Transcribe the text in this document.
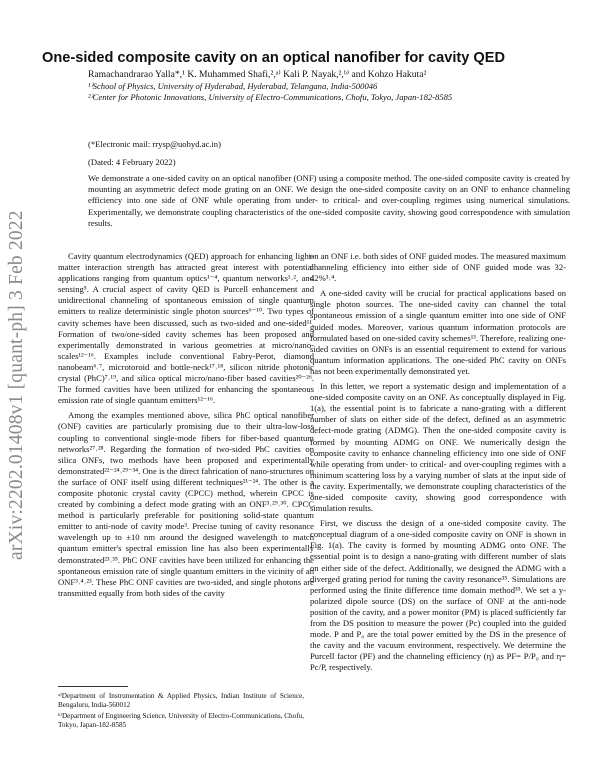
arXiv:2202.01408v1 [quant-ph] 3 Feb 2022
One-sided composite cavity on an optical nanofiber for cavity QED
Ramachandrarao Yalla*,¹ K. Muhammed Shafi,²,ᵃ⁾ Kali P. Nayak,²,ᵇ⁾ and Kohzo Hakuta²
¹⁾School of Physics, University of Hyderabad, Hyderabad, Telangana, India-500046
²⁾Center for Photonic Innovations, University of Electro-Communications, Chofu, Tokyo, Japan-182-8585
(*Electronic mail: rrysp@uohyd.ac.in)
(Dated: 4 February 2022)
We demonstrate a one-sided cavity on an optical nanofiber (ONF) using a composite method. The one-sided composite cavity is created by mounting an asymmetric defect mode grating on an ONF. We design the one-sided composite cavity on an ONF to enhance channeling efficiency into one side of ONF while operating from under- to critical- and over-coupling regimes using numerical simulations. Experimentally, we demonstrate coupling characteristics of the one-sided composite cavity, showing good correspondence with simulation results.

Cavity quantum electrodynamics (QED) approach for enhancing light-matter interaction strength has attracted great interest with potential applications ranging from quantum optics¹⁻⁴, quantum networks¹˒², and sensing⁵. A crucial aspect of cavity QED is Purcell enhancement and unidirectional channeling of spontaneous emission of single quantum emitters to realize deterministic single photon sources⁶⁻¹⁰. Two types of cavity schemes have been discussed, such as two-sided and one-sided¹¹. Formation of two/one-sided cavity schemes has been proposed and experimentally demonstrated in various geometries at micro/nano-scales¹²⁻¹⁶. Examples include conventional Fabry-Perot, diamond nanobeam⁶˒⁷, microtoroid and bottle-neck¹⁷˒¹⁸, silicon nitride photonic crystal (PhC)⁷˒¹⁹, and silica optical micro/nano-fiber based cavities²⁰⁻²⁶. The formed cavities have been utilized for enhancing the spontaneous emission rate of single quantum emitters¹²⁻¹⁶.

Among the examples mentioned above, silica PhC optical nanofiber (ONF) cavities are particularly promising due to their ultra-low-loss coupling to conventional single-mode fibers for fiber-based quantum networks²⁷˒²⁸. Regarding the formation of two-sided PhC cavities on silica ONFs, two methods have been proposed and experimentally demonstrated²²⁻²⁴˒²⁹⁻³⁴. One is the direct fabrication of nano-structures on the surface of ONF itself using different techniques²¹⁻²⁴. The other is a composite photonic crystal cavity (CPCC) method, wherein CPCC is created by combining a defect mode grating with an ONF³˒²⁹˒³⁰. CPCC method is particularly preferable for positioning solid-state quantum emitter to anti-node of cavity mode³. Precise tuning of cavity resonance wavelength up to ±10 nm around the designed wavelength to match quantum emitter's spectral emission line has also been experimentally demonstrated²³˒³⁵. PhC ONF cavities have been utilized for enhancing the spontaneous emission rate of single quantum emitters in the vicinity of an ONF³˒⁴˒²³. These PhC ONF cavities are two-sided, and single photons are transmitted equally from both sides of the cavity

on an ONF i.e. both sides of ONF guided modes. The measured maximum channeling efficiency into either side of ONF guided mode was 32-42%³˒⁴.

A one-sided cavity will be crucial for practical applications based on single photon sources. The one-sided cavity can channel the total spontaneous emission of a single quantum emitter into one side of ONF guided modes. Moreover, various quantum information protocols are formulated based on one-sided cavity schemes¹³. Therefore, realizing one-sided cavities on ONFs is an essential requirement to extend for various quantum information applications. The one-sided PhC cavity on ONFs has not been experimentally demonstrated yet.

In this letter, we report a systematic design and implementation of a one-sided composite cavity on an ONF. As conceptually displayed in Fig. 1(a), the essential point is to fabricate a nano-grating with a different number of slats on either side of the defect, defined as an asymmetric defect-mode grating (ADMG). Then the one-sided composite cavity is formed by mounting ADMG on ONF. We numerically design the composite cavity to enhance channeling efficiency into one side of ONF while operating from under- to critical- and over-coupling regimes with a minimum scattering loss by a varying number of slats at the input side of the cavity. Experimentally, we demonstrate coupling characteristics of the one-sided composite cavity, showing good correspondence with simulation results.

First, we discuss the design of a one-sided composite cavity. The conceptual diagram of a one-sided composite cavity on ONF is shown in Fig. 1(a). The cavity is formed by mounting ADMG onto ONF. The essential point is to design a nano-grating with different number of slats on either side of the defect. Additionally, we designed the ADMG with a diverged grating period for tuning the cavity resonance³⁵. Simulations are performed using the finite difference time domain method³⁵. We set a y-polarized dipole source (DS) on the surface of ONF at the anti-node position of the cavity, and a power monitor (PM) is placed sufficiently far from the DS position to measure the power (Pc) coupled into the guided mode. P and P₀ are the total power emitted by the DS in the presence of the cavity and the vacuum environment, respectively. We determine the Purcell factor (PF) and the channeling efficiency (η) as PF= P/P₀ and η= Pc/P, respectively.

ᵃ⁾Department of Instrumentation & Applied Physics, Indian Institute of Science, Bengaluru, India-560012
ᵇ⁾Department of Engineering Science, University of Electro-Communications, Chofu, Tokyo, Japan-182-8585
